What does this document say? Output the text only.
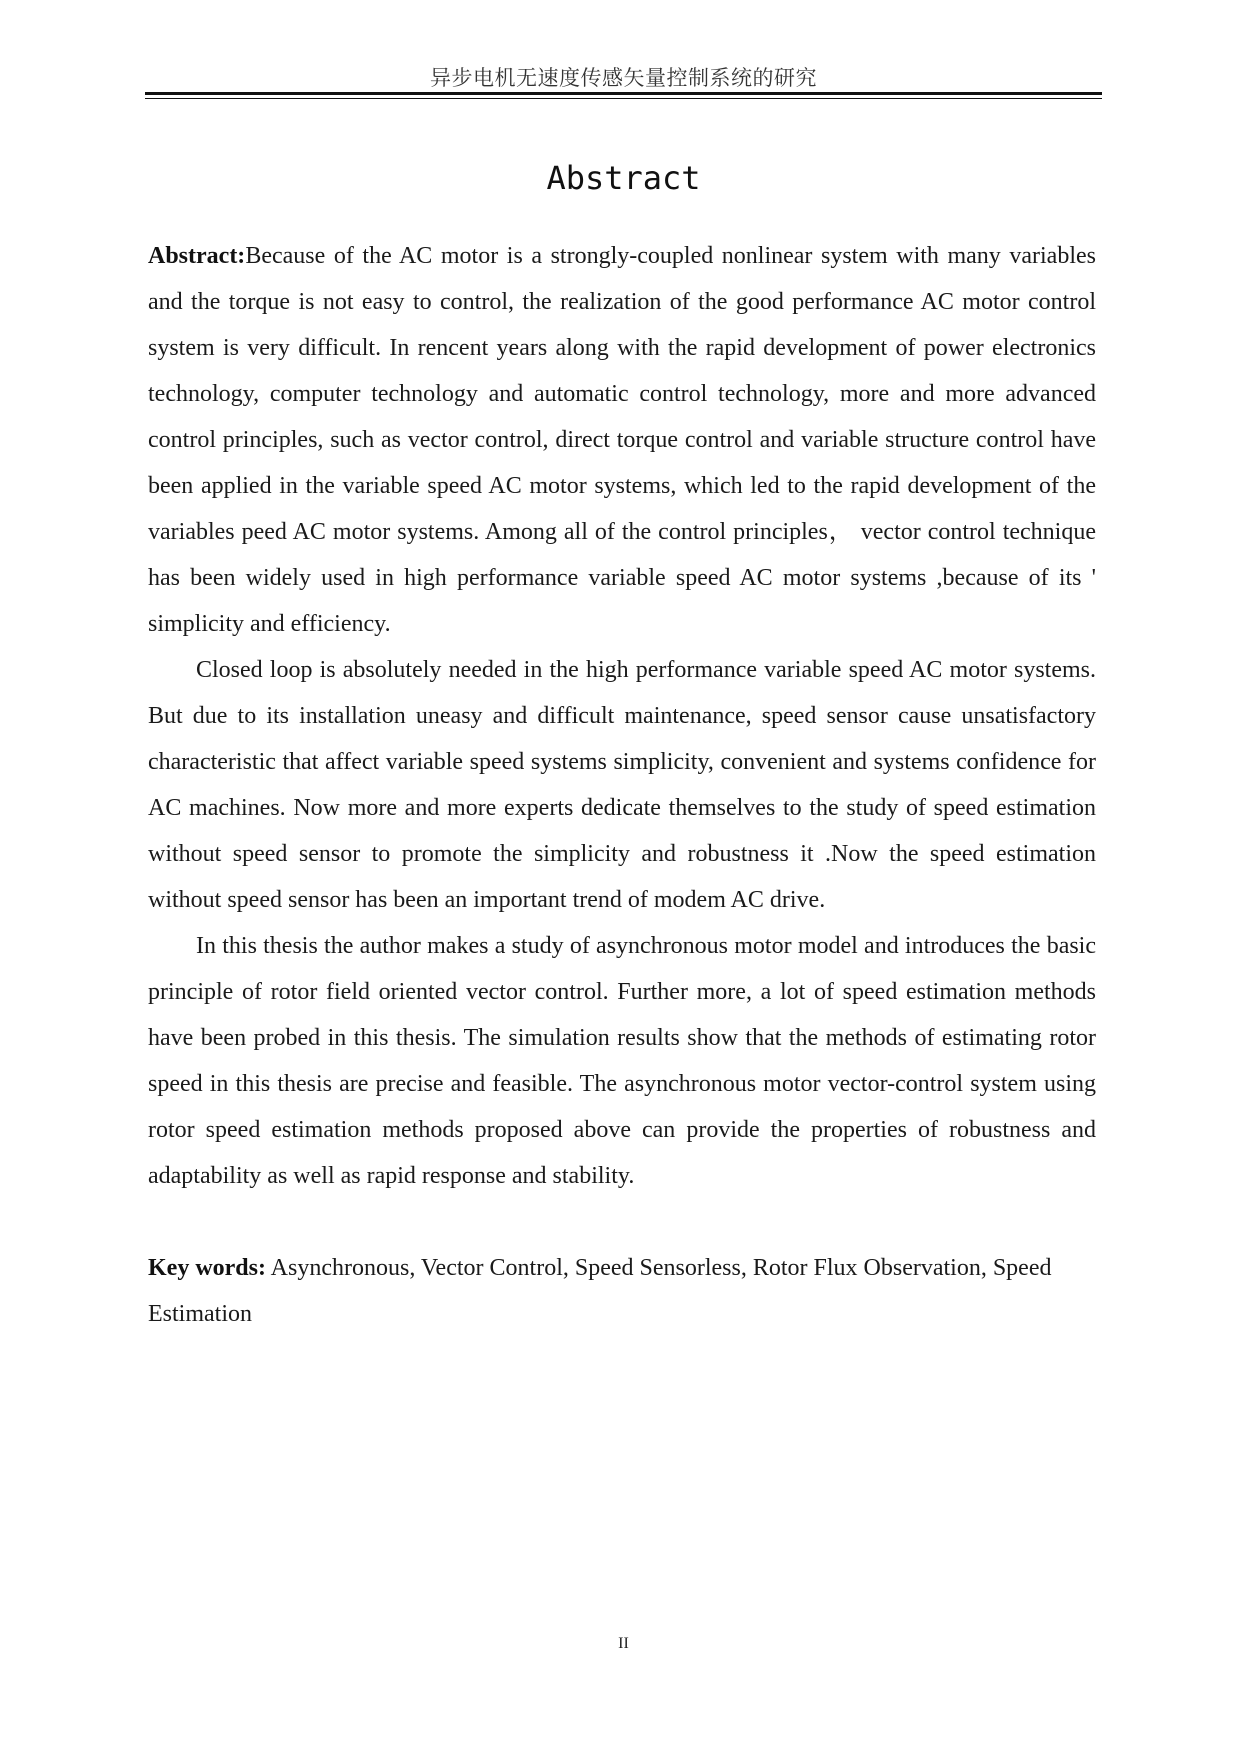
异步电机无速度传感矢量控制系统的研究
Abstract

Abstract:Because of the AC motor is a strongly-coupled nonlinear system with many variables and the torque is not easy to control, the realization of the good performance AC motor control system is very difficult. In rencent years along with the rapid development of power electronics technology, computer technology and automatic control technology, more and more advanced control principles, such as vector control, direct torque control and variable structure control have been applied in the variable speed AC motor systems, which led to the rapid development of the variables peed AC motor systems. Among all of the control principles， vector control technique has been widely used in high performance variable speed AC motor systems ,because of its ' simplicity and efficiency.

Closed loop is absolutely needed in the high performance variable speed AC motor systems. But due to its installation uneasy and difficult maintenance, speed sensor cause unsatisfactory characteristic that affect variable speed systems simplicity, convenient and systems confidence for AC machines. Now more and more experts dedicate themselves to the study of speed estimation without speed sensor to promote the simplicity and robustness it .Now the speed estimation without speed sensor has been an important trend of modem AC drive.

In this thesis the author makes a study of asynchronous motor model and introduces the basic principle of rotor field oriented vector control. Further more, a lot of speed estimation methods have been probed in this thesis. The simulation results show that the methods of estimating rotor speed in this thesis are precise and feasible. The asynchronous motor vector-control system using rotor speed estimation methods proposed above can provide the properties of robustness and adaptability as well as rapid response and stability.

Key words: Asynchronous, Vector Control, Speed Sensorless, Rotor Flux Observation, Speed Estimation

II
